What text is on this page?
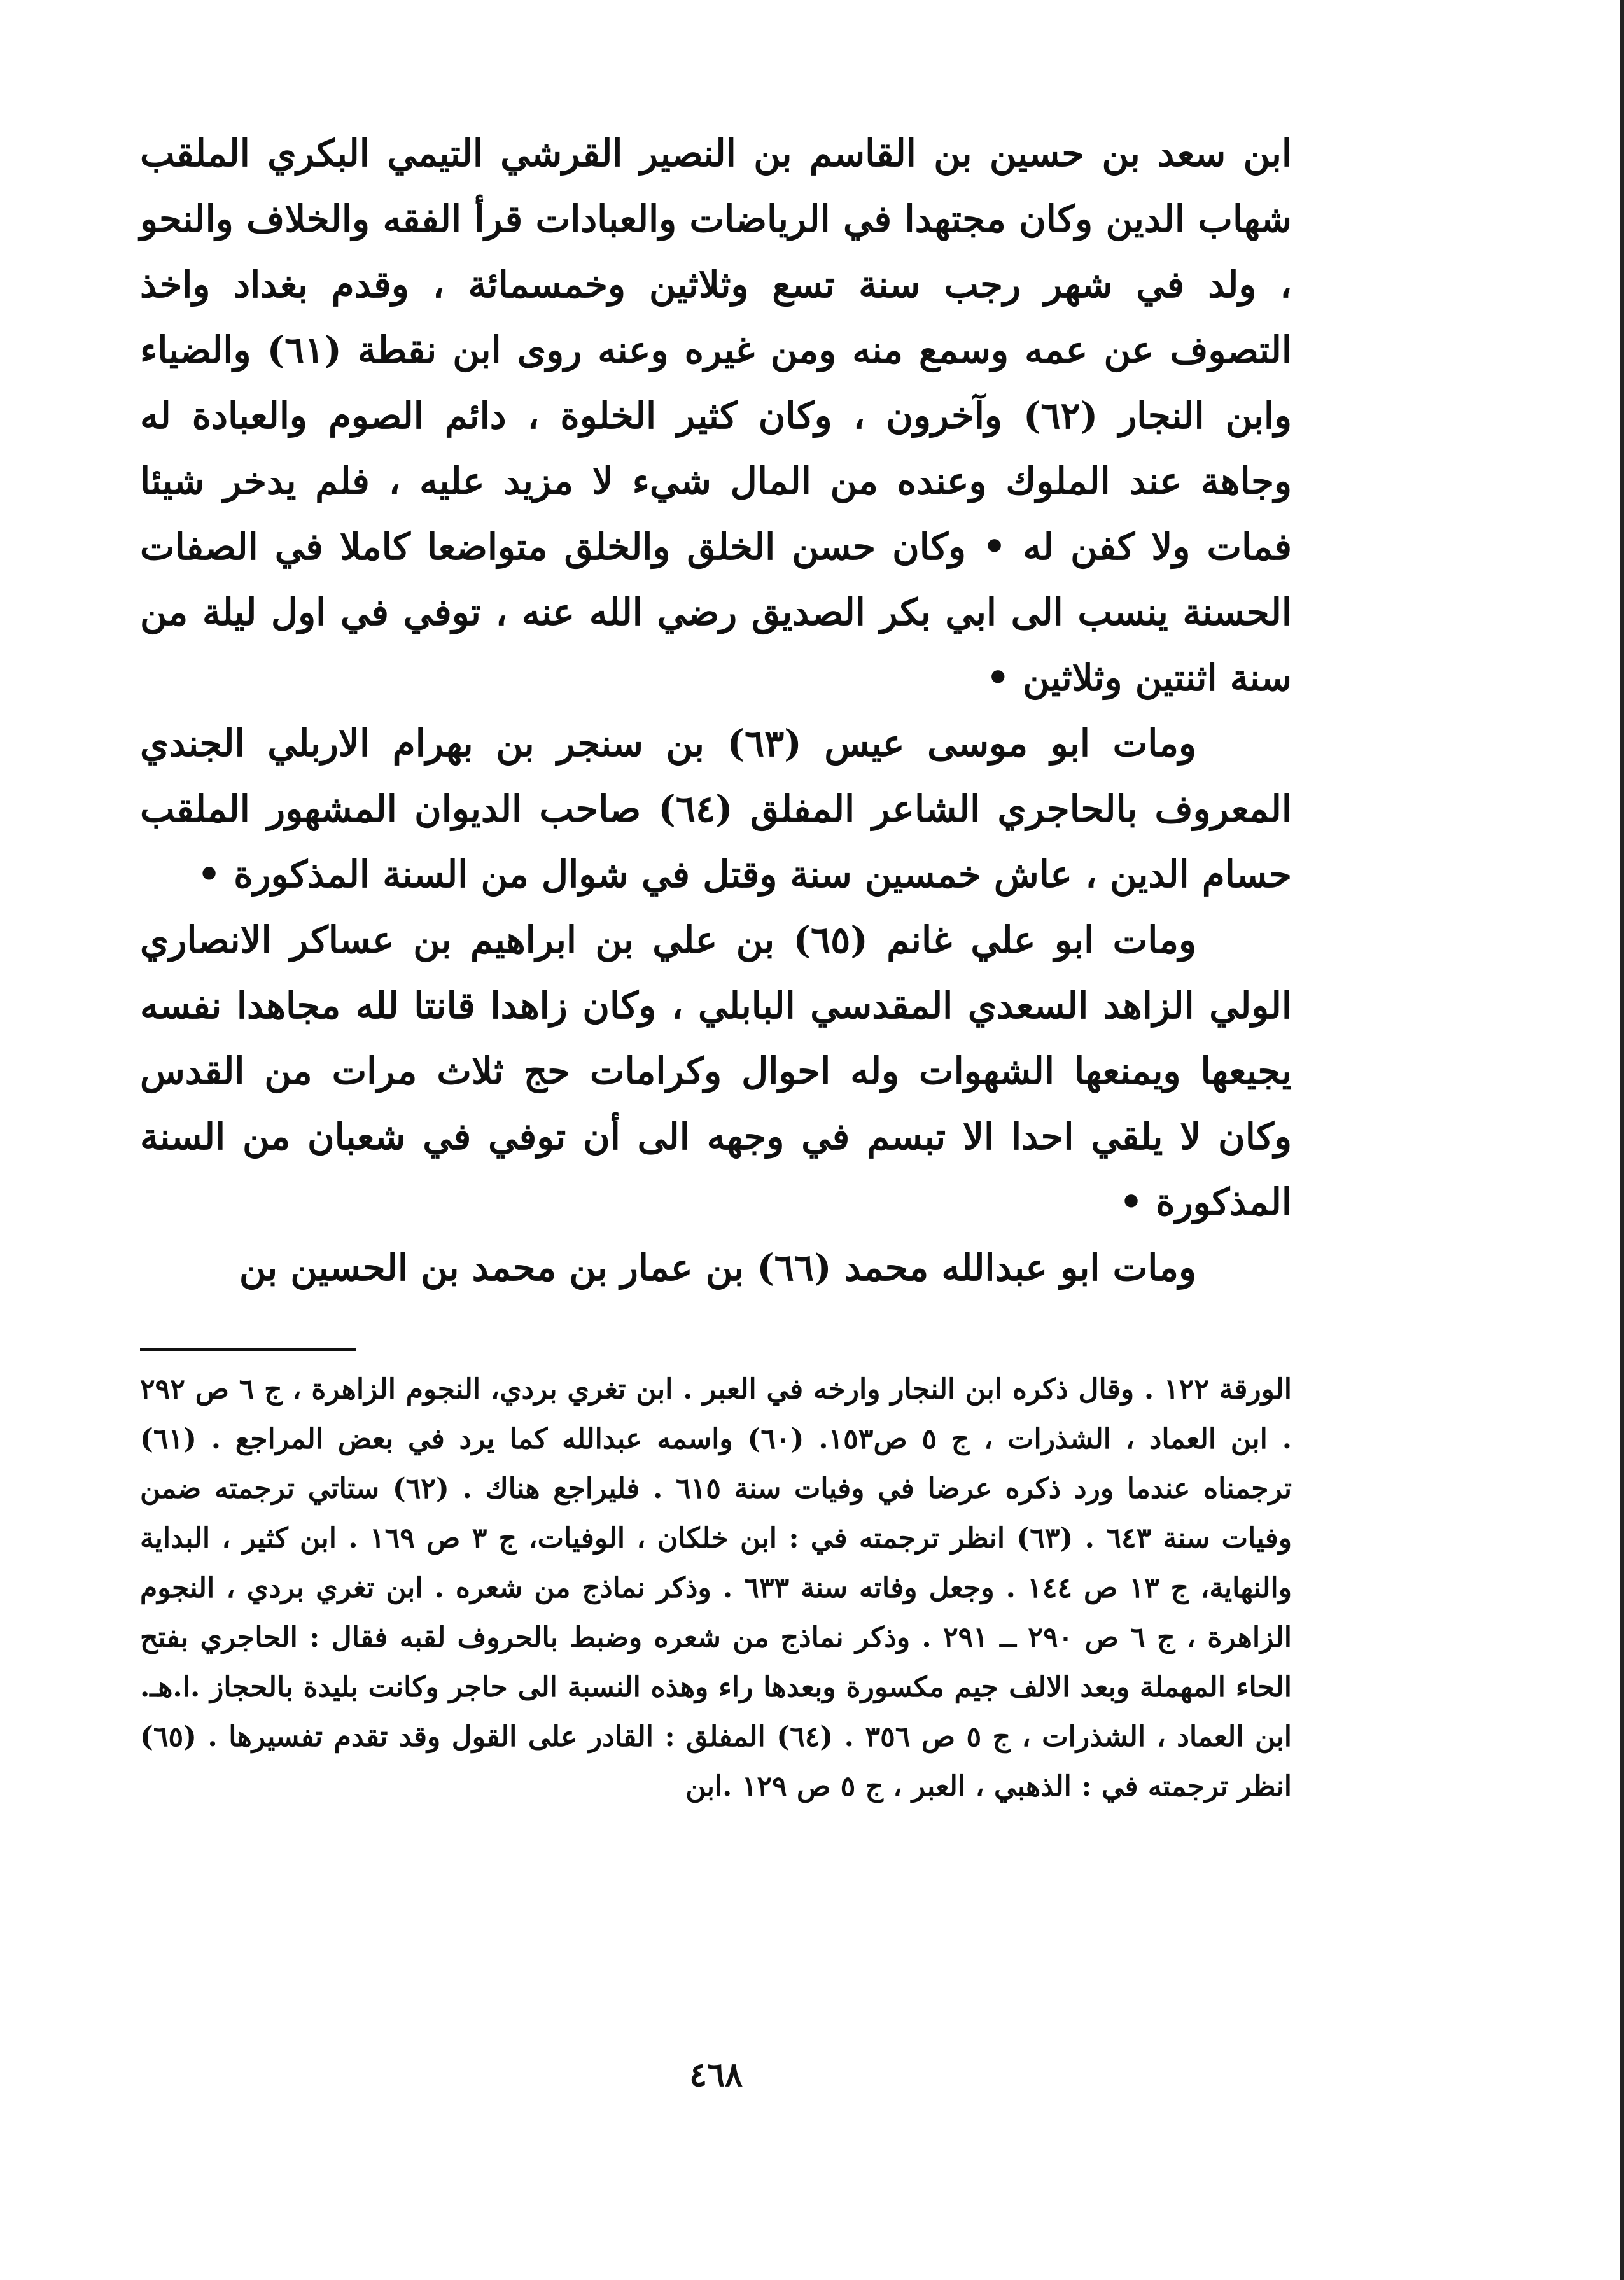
ابن سعد بن حسين بن القاسم بن النصير القرشي التيمي البكري الملقب شهاب الدين وكان مجتهدا في الرياضات والعبادات قرأ الفقه والخلاف والنحو ، ولد في شهر رجب سنة تسع وثلاثين وخمسمائة ، وقدم بغداد واخذ التصوف عن عمه وسمع منه ومن غيره وعنه روى ابن نقطة (٦١) والضياء وابن النجار (٦٢) وآخرون ، وكان كثير الخلوة ، دائم الصوم والعبادة له وجاهة عند الملوك وعنده من المال شيء لا مزيد عليه ، فلم يدخر شيئا فمات ولا كفن له • وكان حسن الخلق والخلق متواضعا كاملا في الصفات الحسنة ينسب الى ابي بكر الصديق رضي الله عنه ، توفي في اول ليلة من سنة اثنتين وثلاثين •

ومات ابو موسى عيس (٦٣) بن سنجر بن بهرام الاربلي الجندي المعروف بالحاجري الشاعر المفلق (٦٤) صاحب الديوان المشهور الملقب حسام الدين ، عاش خمسين سنة وقتل في شوال من السنة المذكورة •

ومات ابو علي غانم (٦٥) بن علي بن ابراهيم بن عساكر الانصاري الولي الزاهد السعدي المقدسي البابلي ، وكان زاهدا قانتا لله مجاهدا نفسه يجيعها ويمنعها الشهوات وله احوال وكرامات حج ثلاث مرات من القدس وكان لا يلقي احدا الا تبسم في وجهه الى أن توفي في شعبان من السنة المذكورة •

ومات ابو عبدالله محمد (٦٦) بن عمار بن محمد بن الحسين بن

الورقة ١٢٢ . وقال ذكره ابن النجار وارخه في العبر . ابن تغري بردي، النجوم الزاهرة ، ج ٦ ص ٢٩٢ . ابن العماد ، الشذرات ، ج ٥ ص١٥٣. (٦٠) واسمه عبدالله كما يرد في بعض المراجع . (٦١) ترجمناه عندما ورد ذكره عرضا في وفيات سنة ٦١٥ . فليراجع هناك . (٦٢) ستاتي ترجمته ضمن وفيات سنة ٦٤٣ . (٦٣) انظر ترجمته في : ابن خلكان ، الوفيات، ج ٣ ص ١٦٩ . ابن كثير ، البداية والنهاية، ج ١٣ ص ١٤٤ . وجعل وفاته سنة ٦٣٣ . وذكر نماذج من شعره . ابن تغري بردي ، النجوم الزاهرة ، ج ٦ ص ٢٩٠ ــ ٢٩١ . وذكر نماذج من شعره وضبط بالحروف لقبه فقال : الحاجري بفتح الحاء المهملة وبعد الالف جيم مكسورة وبعدها راء وهذه النسبة الى حاجر وكانت بليدة بالحجاز .ا.هـ. ابن العماد ، الشذرات ، ج ٥ ص ٣٥٦ . (٦٤) المفلق : القادر على القول وقد تقدم تفسيرها . (٦٥) انظر ترجمته في : الذهبي ، العبر ، ج ٥ ص ١٢٩ .ابن

٤٦٨
